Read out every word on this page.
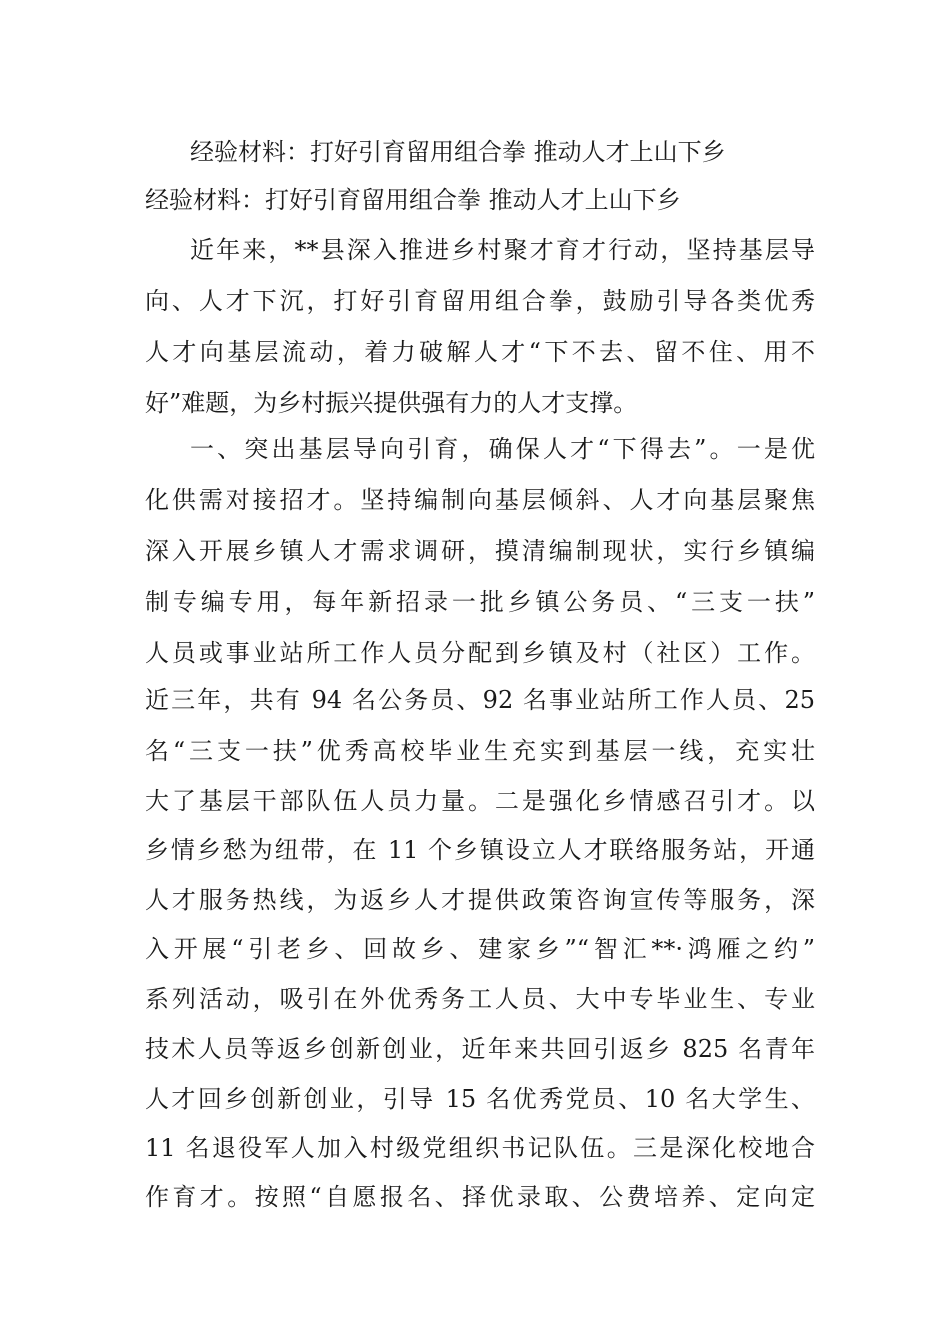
经验材料：打好引育留用组合拳 推动人才上山下乡
经验材料：打好引育留用组合拳 推动人才上山下乡
近年来，**县深入推进乡村聚才育才行动，坚持基层导
向、人才下沉，打好引育留用组合拳，鼓励引导各类优秀
人才向基层流动，着力破解人才“下不去、留不住、用不
好”难题，为乡村振兴提供强有力的人才支撑。
一、突出基层导向引育，确保人才“下得去”。一是优
化供需对接招才。坚持编制向基层倾斜、人才向基层聚焦
深入开展乡镇人才需求调研，摸清编制现状，实行乡镇编
制专编专用，每年新招录一批乡镇公务员、“三支一扶”
人员或事业站所工作人员分配到乡镇及村（社区）工作。
近三年，共有 94 名公务员、92 名事业站所工作人员、25
名“三支一扶”优秀高校毕业生充实到基层一线，充实壮
大了基层干部队伍人员力量。二是强化乡情感召引才。以
乡情乡愁为纽带，在 11 个乡镇设立人才联络服务站，开通
人才服务热线，为返乡人才提供政策咨询宣传等服务，深
入开展“引老乡、回故乡、建家乡”“智汇**·鸿雁之约”
系列活动，吸引在外优秀务工人员、大中专毕业生、专业
技术人员等返乡创新创业，近年来共回引返乡 825 名青年
人才回乡创新创业，引导 15 名优秀党员、10 名大学生、
11 名退役军人加入村级党组织书记队伍。三是深化校地合
作育才。按照“自愿报名、择优录取、公费培养、定向定
